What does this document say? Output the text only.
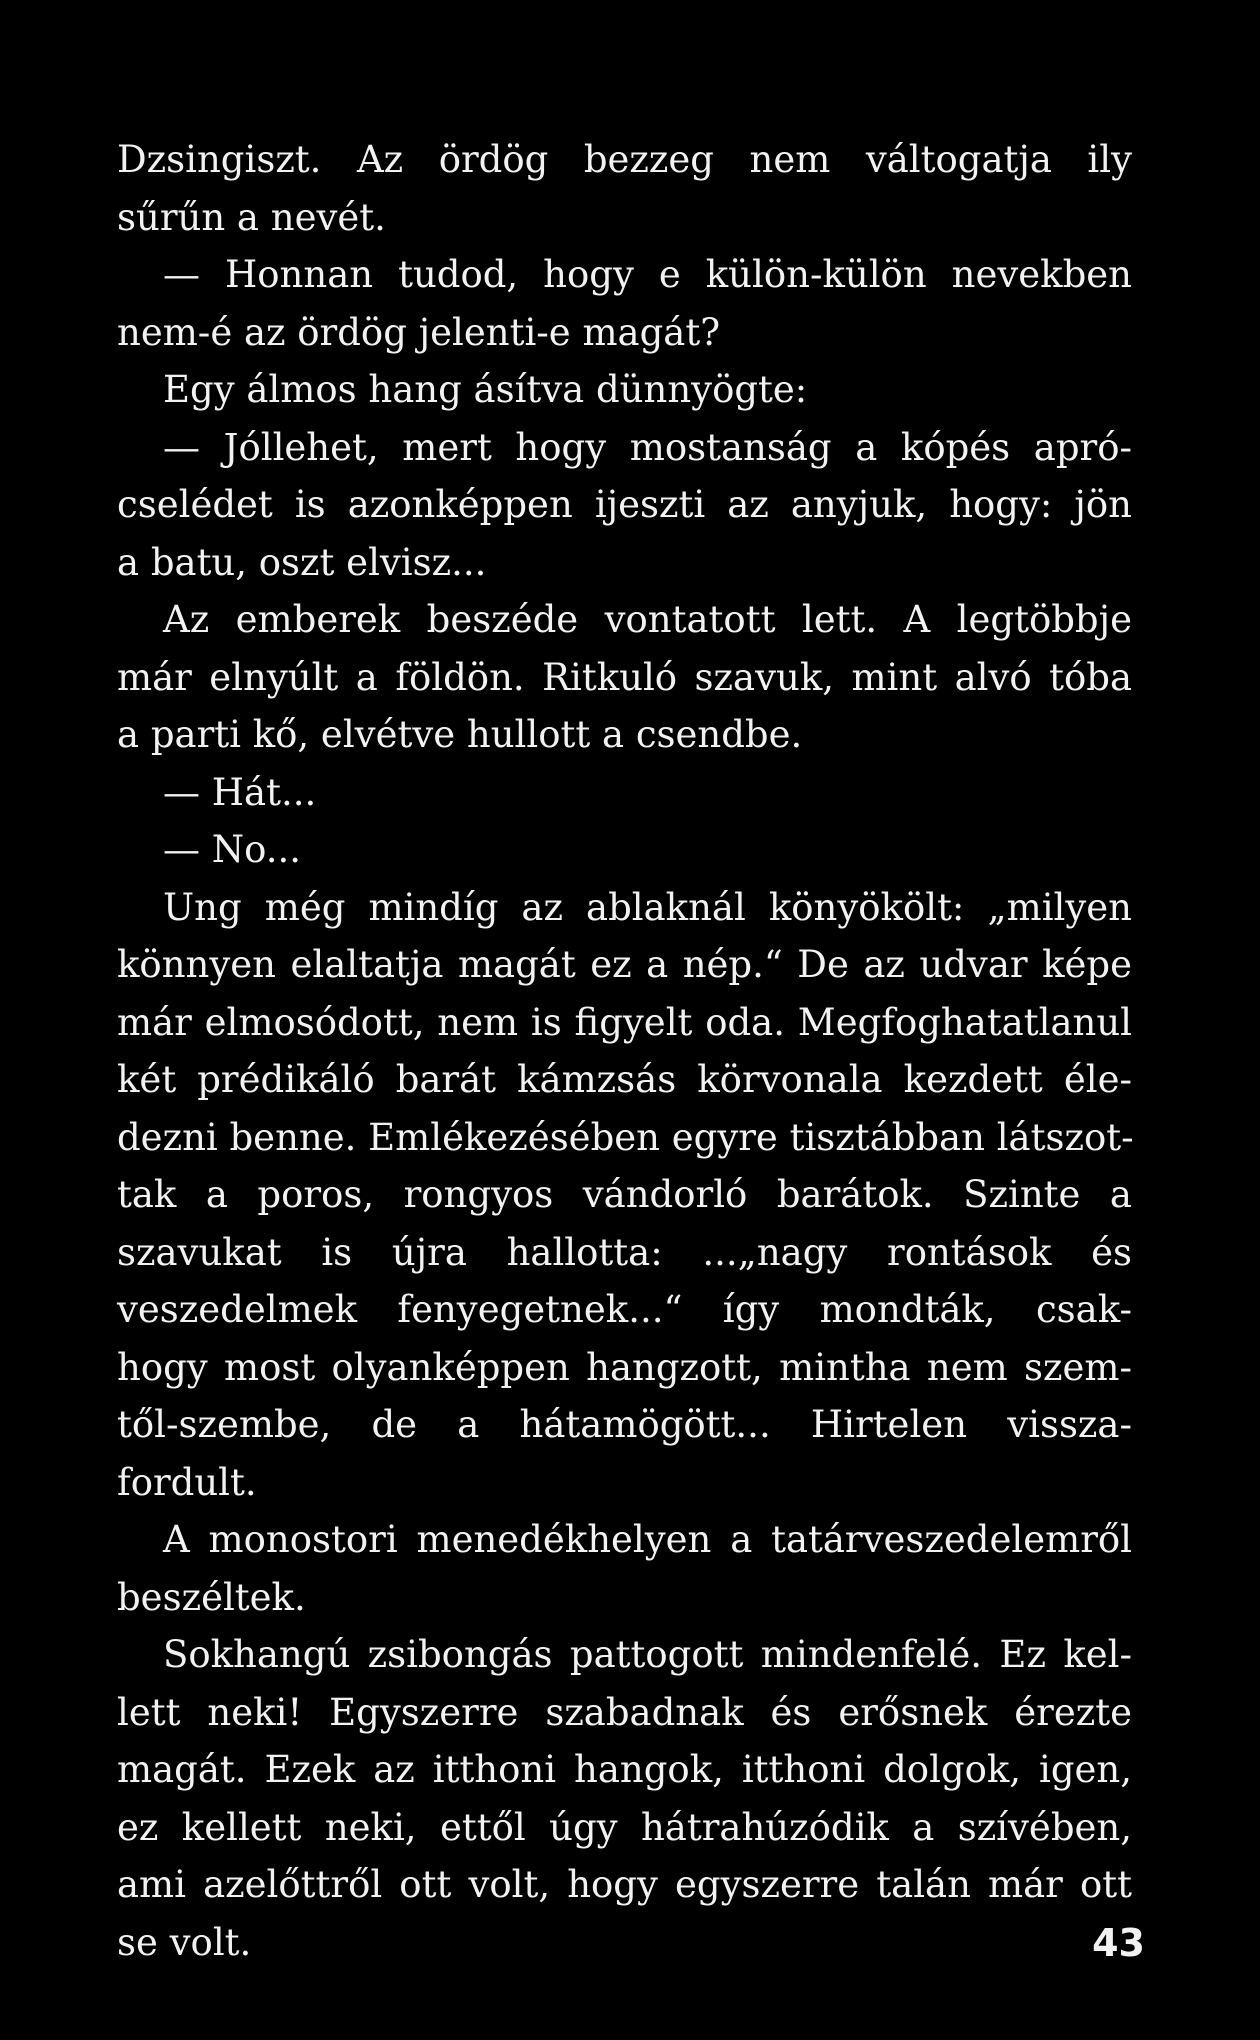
Dzsingiszt. Az ördög bezzeg nem váltogatja ily
sűrűn a nevét.
— Honnan tudod, hogy e külön-külön nevekben
nem-é az ördög jelenti-e magát?
Egy álmos hang ásítva dünnyögte:
— Jóllehet, mert hogy mostanság a kópés apró-
cselédet is azonképpen ijeszti az anyjuk, hogy: jön
a batu, oszt elvisz...
Az emberek beszéde vontatott lett. A legtöbbje
már elnyúlt a földön. Ritkuló szavuk, mint alvó tóba
a parti kő, elvétve hullott a csendbe.
— Hát...
— No...
Ung még mindíg az ablaknál könyökölt: „milyen
könnyen elaltatja magát ez a nép.“ De az udvar képe
már elmosódott, nem is figyelt oda. Megfoghatatlanul
két prédikáló barát kámzsás körvonala kezdett éle-
dezni benne. Emlékezésében egyre tisztábban látszot-
tak a poros, rongyos vándorló barátok. Szinte a
szavukat is újra hallotta: ...„nagy rontások és
veszedelmek fenyegetnek...“ így mondták, csak-
hogy most olyanképpen hangzott, mintha nem szem-
től-szembe, de a hátamögött... Hirtelen vissza-
fordult.
A monostori menedékhelyen a tatárveszedelemről
beszéltek.
Sokhangú zsibongás pattogott mindenfelé. Ez kel-
lett neki! Egyszerre szabadnak és erősnek érezte
magát. Ezek az itthoni hangok, itthoni dolgok, igen,
ez kellett neki, ettől úgy hátrahúzódik a szívében,
ami azelőttről ott volt, hogy egyszerre talán már ott
se volt.	43
